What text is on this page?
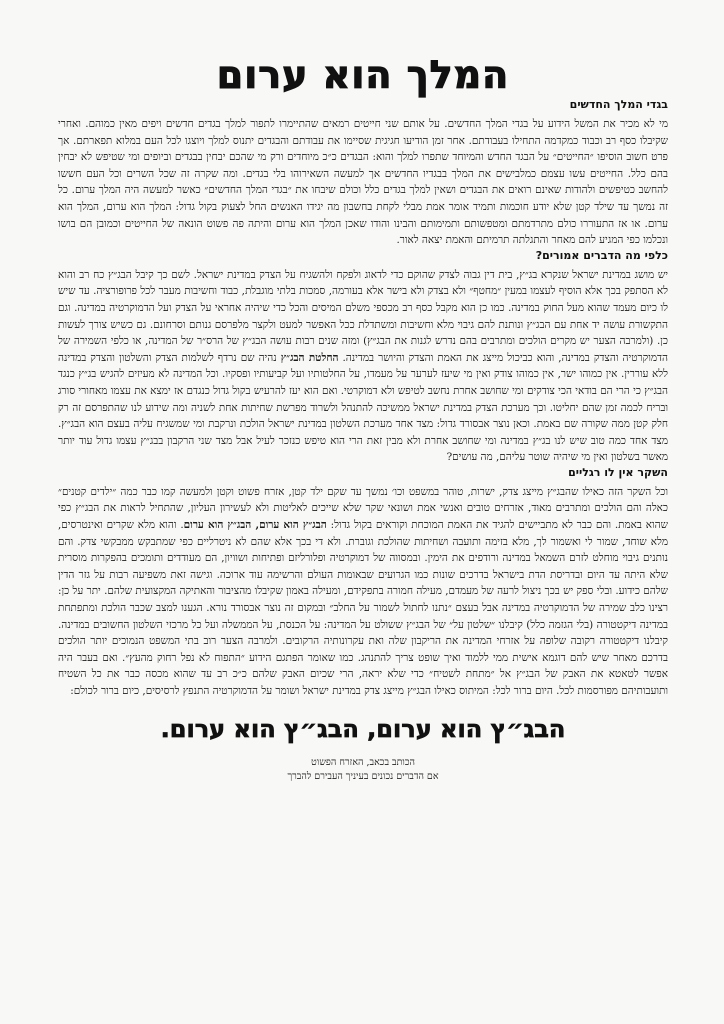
המלך הוא ערום
בגדי המלך החדשים

מי לא מכיר את המשל הידוע על בגדי המלך החדשים. על אותם שני חייטים רמאים שהתיימרו לתפור למלך בגדים חדשים ויפים מאין כמוהם. ואחרי שקיבלו כסף רב וכבוד כמקדמה התחילו בעבודתם. אחר זמן הודיעו חגיגית שסיימו את עבודתם והבגדים יתנוס למלך ויוצגו לכל העם במלוא תפארתם. אך פרט חשוב הוסיפו ״החייטים״ על הבגד החדש והמיוחד שתפרו למלך והוא: הבגדים כ״כ מיוחדים ורק מי שהכם יבחין בבגדים וביופים ומי שטיפש לא יבחין בהם כלל. החייטים עשו עצמם כמלבישים את המלך בבגדיו החדשים אך למעשה השאירוהו בלי בגדים. ומה שקרה זה שכל השרים וכל העם חששו להחשב כטיפשים ולהודות שאינם רואים את הבגדים ושאין למלך בגדים כלל וכולם שיבחו את ״בגדי המלך החדשים״ כאשר למעשה היה המלך ערום. כל זה נמשך עד שילד קטן שלא יודע חוכמות ותמיד אומר אמת מבלי לקחת בחשבון מה יגידו האנשים החל לצעוק בקול גדול: המלך הוא ערום, המלך הוא ערום. או אז התעוררו כולם מתרדמתם ומטפשותם ותמימותם והבינו והודו שאכן המלך הוא ערום והיתה פה פשוט הונאה של החייטים וכמובן הם בושו ונכלמו כפי המגיע להם מאחר והתגלתה תרמיתם והאמת יצאה לאור.

כלפי מה הדברים אמורים?

יש מושג במדינת ישראל שנקרא בג״ץ, בית דין גבוה לצדק שהוקם כדי לדאוג ולפקח ולהשגיח על הצדק במדינת ישראל. לשם כך קיבל הבג״ץ כח רב והוא לא הסתפק בכך אלא הוסיף לעצמו במעין ״מחטף״ ולא בצדק ולא בישר אלא בעורמה, סמכות בלתי מוגבלת, כבוד וחשיבות מעבר לכל פרופורציה. עד שיש לו כיום מעמד שהוא מעל החוק במדינה. כמו כן הוא מקבל כסף רב מכספי משלם המיסים והכל כדי שיהיה אחראי על הצדק ועל הדמוקרטיה במדינה. וגם התקשורת עושה יד אחת עם הבג״ץ ונותנת להם גיבוי מלא וחשיבות ומשתדלת ככל האפשר למעט ולקצר מלפרסם גנותם וסרחונם. גם כשיש צורך לעשות כן. (ולמרבה הצער יש מקרים הולכים ומתרבים בהם נדרש לגנות את הבג״ץ) ומזה שנים רבות עושה הבג״ץ של הרס״ר של המדינה, או כלפי השמירה של הדמוקרטיה והצדק במדינה, והוא כביכול מייצג את האמת והצדק והיושר במדינה. החלטת הבג״ץ נהיה שם נרדף לשלמות הצדק והשלטון והצדק במדינה ללא עוררין. אין כמוהו ישר, אין כמוהו צודק ואין מי שיעז לערער על מעמדו, על החלטותיו ועל קביעותיו ופסקיו. וכל המדינה לא מעיזים להגיש בג״ץ כנגד הבג״ץ כי הרי הם בודאי הכי צודקים ומי שחושב אחרת נחשב לטיפש ולא דמוקרטי. ואם הוא יעז להרעיש בקול גדול כנגדם אז ימצא את עצמו מאחורי סורג ובריח לכמה זמן שהם יחליטו. וכך מערכת הצדק במדינת ישראל ממשיכה להתנהל ולשרוד מפרשת שחיתות אחת לשניה ומה שידוע לנו שהתפרסם זה רק חלק קטן ממה שקורה שם באמת. וכאן נוצר אבסורד גדול: מצד אחד מערכת השלטון במדינת ישראל הולכת ונרקבת ומי שמשגיח עליה בעצם הוא הבג״ץ. מצד אחד כמה טוב שיש לנו בג״ץ במדינה ומי שחושב אחרת ולא מבין זאת הרי הוא טיפש כנזכר לעיל אבל מצד שני הרקבון בבג״ץ עצמו גדול עוד יותר מאשר בשלטון ואין מי שיהיה שוטר עליהם, מה עושים?

השקר אין לו רגליים

וכל השקר הזה כאילו שהבג״ץ מייצג צדק, ישרות, טוהר במשפט וכו׳ נמשך עד שקם ילד קטן, אזרח פשוט וקטן ולמעשה קמו כבר כמה ״ילדים קטנים״ כאלה והם הולכים ומתרבים מאוד, אזרחים טובים ואנשי אמת ושונאי שקר שלא שייכים לאליטות ולא לעשירון העליון, שהתחיל לראות את הבג״ץ כפי שהוא באמת. והם כבר לא מתביישים להגיד את האמת המוכחת וקוראים בקול גדול: הבג״ץ הוא ערום, הבג״ץ הוא ערום. והוא מלא שקרים ואינטרסים, מלא שוחד, שמור לי ואשמור לך, מלא בזימה ותועבה ושחיתות שהולכת וגוברת. ולא די בכך אלא שהם לא ניטרליים כפי שמתבקש ממבקשי צדק. והם נותנים גיבוי מוחלט לזרם השמאל במדינה ורודפים את הימין. ובמסווה של דמוקרטיה ופלורליזם ופתיחות ושוויון, הם מעודדים ותומכים בהפקרות מוסרית שלא היתה עד היום ובדריסת הדת בישראל בדרכים שונות כמו הגרועים שבאומות העולם והרשימה עוד ארוכה. וגישה זאת משפיעה רבות על גזר הדין שלהם כידוע. ובלי ספק יש בכך ניצול לרעה של מעמדם, מעילה חמורה בתפקידם, ומעילה באמון שקיבלו מהציבור והאתיקה המקצועית שלהם. יתר על כן: רצינו כלב שמירה של הדמוקרטיה במדינה אבל בעצם ״נתנו לחתול לשמור על החלב״ ובמקום זה נוצר אבסורד נורא. הגענו למצב שכבר הולכת ומתפתחת במדינה דיקטטורה (בלי הגזמה כלל) קיבלנו ״שלטון על״ של הבג״ץ ששולט על המדינה: על הכנסת, על הממשלה ועל כל מרכזי השלטון החשובים במדינה. קיבלנו דיקטטורה רקובה שלופה על אזרחי המדינה את הריקבון שלה ואת עקרונותיה הרקובים. ולמרבה הצער רוב בתי המשפט הנמוכים יותר הולכים בדרכם מאחר שיש להם דוגמא אישית ממי ללמוד ואיך שופט צריך להתנהג. כמו שאומר הפתגם הידוע ״התפוח לא נפל רחוק מהעץ״. ואם בעבר היה אפשר לטאטא את האבק של הבג״ץ אל ״מתחת לשטיח״ כדי שלא יראה, הרי שכיום האבק שלהם כ״כ רב עד שהוא מכסה כבר את כל השטיח ותועבותיהם מפורסמות לכל. היום ברור לכל: המיתוס כאילו הבג״ץ מייצג צדק במדינת ישראל ושומר על הדמוקרטיה התנפץ לרסיסים, כיום ברור לכולם:

הבג״ץ הוא ערום, הבג״ץ הוא ערום.
הכותב בכאב, האזרח הפשוט
אם הדברים נכונים בעיניך העבירם להברך
